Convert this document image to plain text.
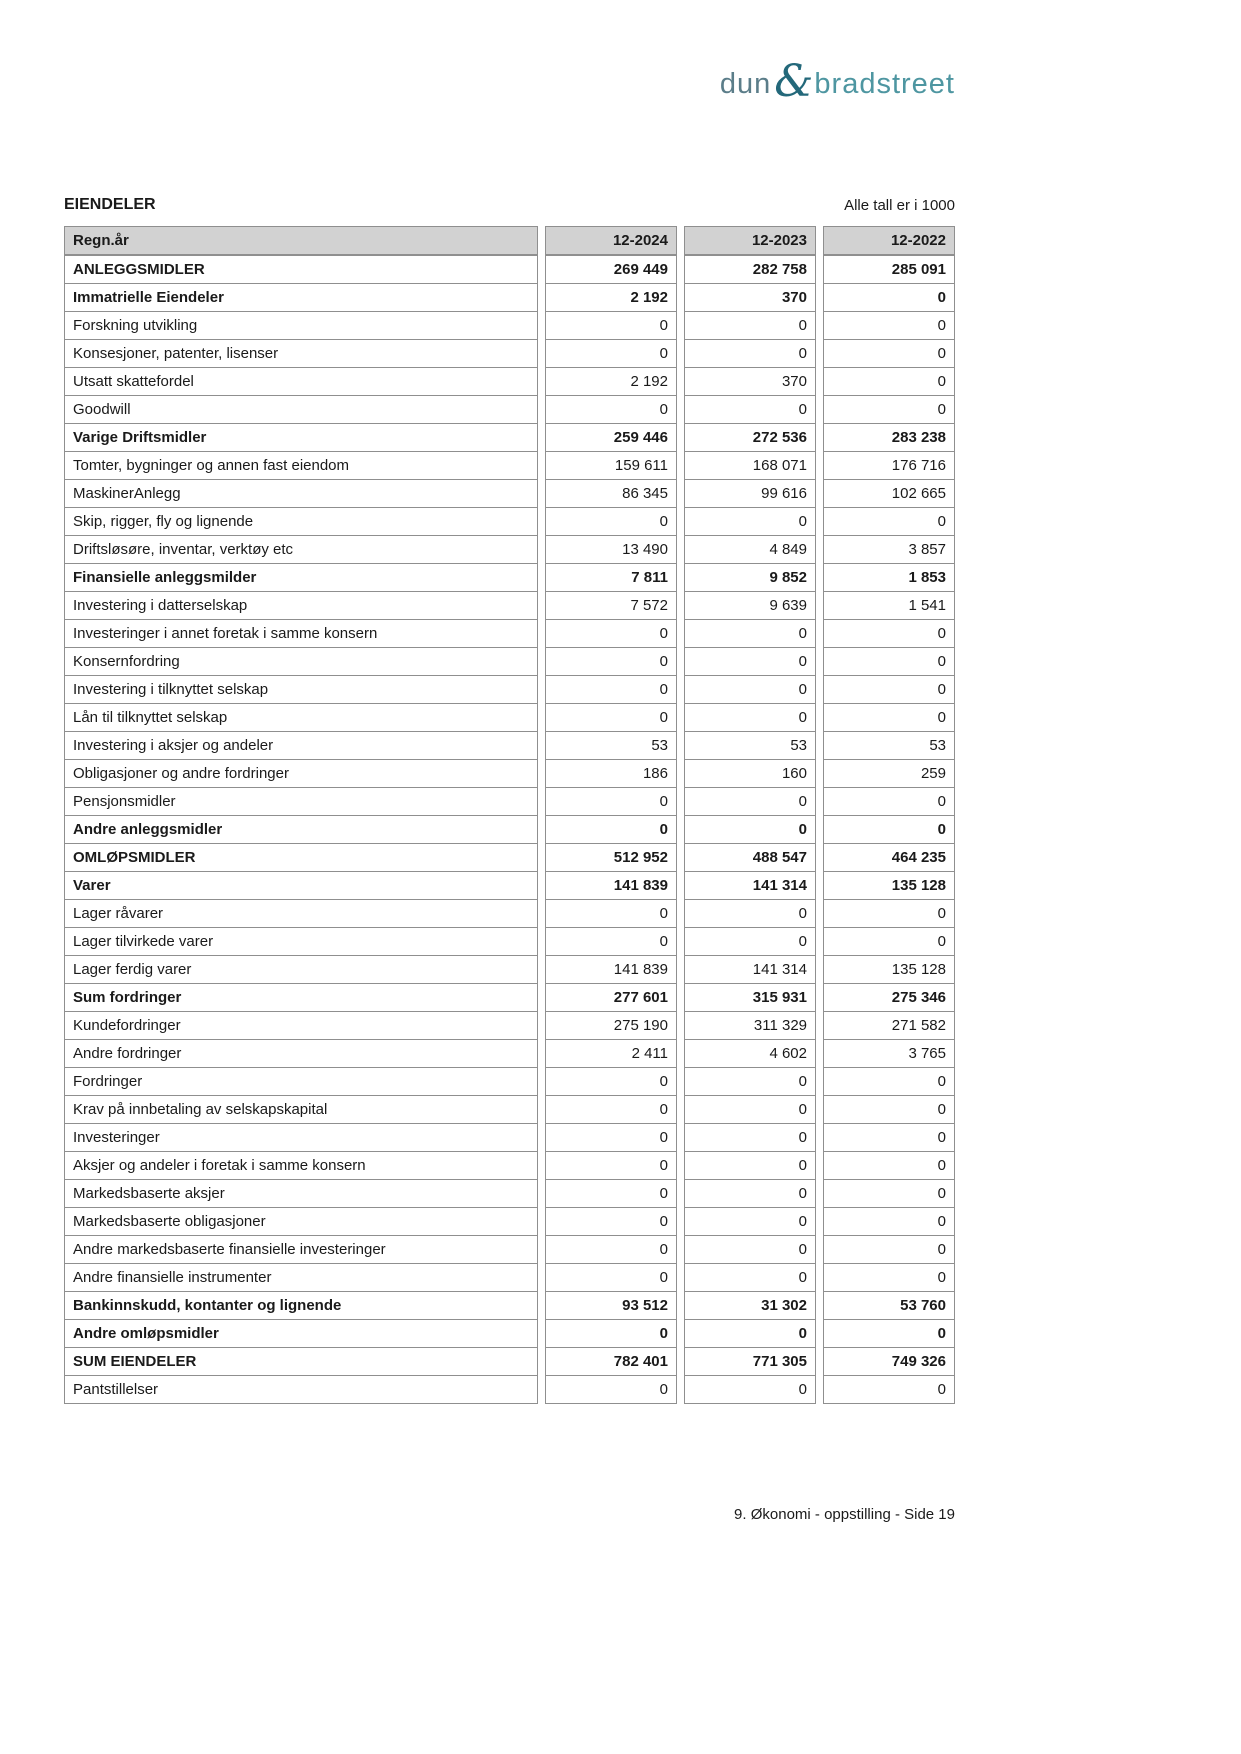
dun & bradstreet
EIENDELER	Alle tall er i 1000
Regn.år	12-2024	12-2023	12-2022
ANLEGGSMIDLER	269 449	282 758	285 091
Immatrielle Eiendeler	2 192	370	0
Forskning utvikling	0	0	0
Konsesjoner, patenter, lisenser	0	0	0
Utsatt skattefordel	2 192	370	0
Goodwill	0	0	0
Varige Driftsmidler	259 446	272 536	283 238
Tomter, bygninger og annen fast eiendom	159 611	168 071	176 716
MaskinerAnlegg	86 345	99 616	102 665
Skip, rigger, fly og lignende	0	0	0
Driftsløsøre, inventar, verktøy etc	13 490	4 849	3 857
Finansielle anleggsmilder	7 811	9 852	1 853
Investering i datterselskap	7 572	9 639	1 541
Investeringer i annet foretak i samme konsern	0	0	0
Konsernfordring	0	0	0
Investering i tilknyttet selskap	0	0	0
Lån til tilknyttet selskap	0	0	0
Investering i aksjer og andeler	53	53	53
Obligasjoner og andre fordringer	186	160	259
Pensjonsmidler	0	0	0
Andre anleggsmidler	0	0	0
OMLØPSMIDLER	512 952	488 547	464 235
Varer	141 839	141 314	135 128
Lager råvarer	0	0	0
Lager tilvirkede varer	0	0	0
Lager ferdig varer	141 839	141 314	135 128
Sum fordringer	277 601	315 931	275 346
Kundefordringer	275 190	311 329	271 582
Andre fordringer	2 411	4 602	3 765
Fordringer	0	0	0
Krav på innbetaling av selskapskapital	0	0	0
Investeringer	0	0	0
Aksjer og andeler i foretak i samme konsern	0	0	0
Markedsbaserte aksjer	0	0	0
Markedsbaserte obligasjoner	0	0	0
Andre markedsbaserte finansielle investeringer	0	0	0
Andre finansielle instrumenter	0	0	0
Bankinnskudd, kontanter og lignende	93 512	31 302	53 760
Andre omløpsmidler	0	0	0
SUM EIENDELER	782 401	771 305	749 326
Pantstillelser	0	0	0
9. Økonomi - oppstilling - Side 19
